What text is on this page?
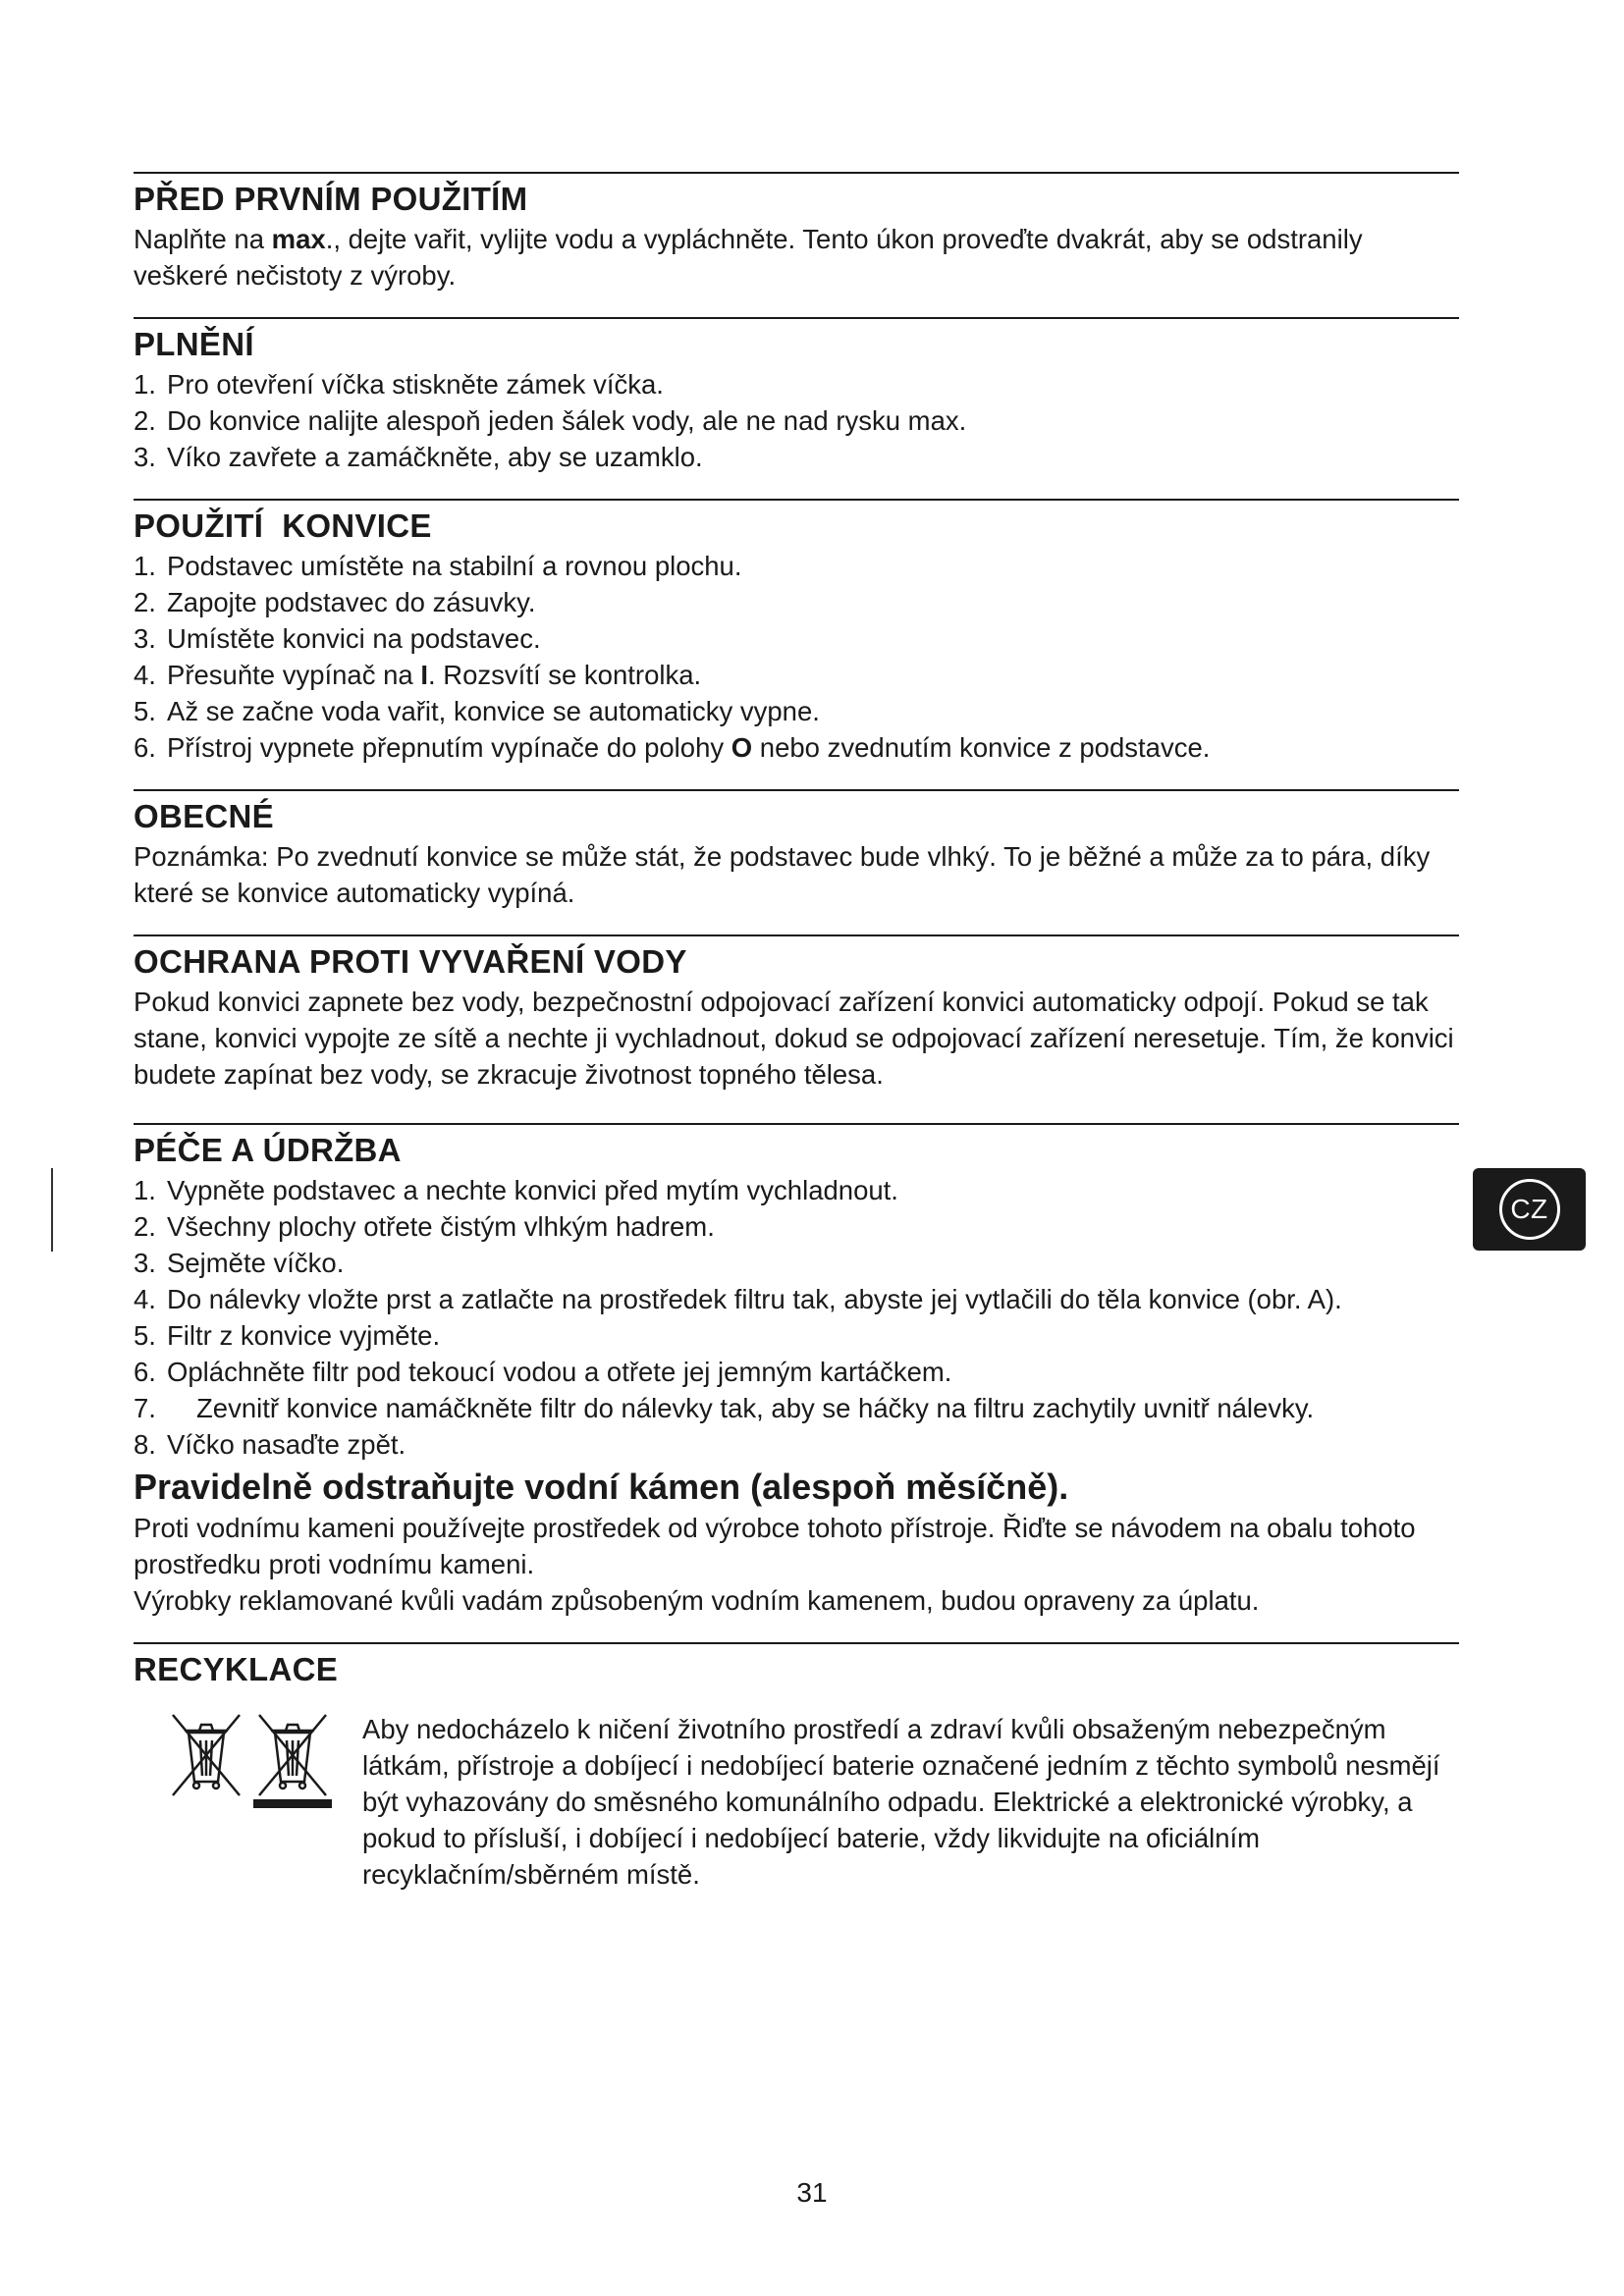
PŘED PRVNÍM POUŽITÍM

Naplňte na max., dejte vařit, vylijte vodu a vypláchněte. Tento úkon proveďte dvakrát, aby se odstranily veškeré nečistoty z výroby.

PLNĚNÍ
1. Pro otevření víčka stiskněte zámek víčka.
2. Do konvice nalijte alespoň jeden šálek vody, ale ne nad rysku max.
3. Víko zavřete a zamáčkněte, aby se uzamklo.
POUŽITÍ  KONVICE
1. Podstavec umístěte na stabilní a rovnou plochu.
2. Zapojte podstavec do zásuvky.
3. Umístěte konvici na podstavec.
4. Přesuňte vypínač na I. Rozsvítí se kontrolka.
5. Až se začne voda vařit, konvice se automaticky vypne.
6. Přístroj vypnete přepnutím vypínače do polohy O nebo zvednutím konvice z podstavce.
OBECNÉ

Poznámka: Po zvednutí konvice se může stát, že podstavec bude vlhký. To je běžné a může za to pára, díky které se konvice automaticky vypíná.

OCHRANA PROTI VYVAŘENÍ VODY

Pokud konvici zapnete bez vody, bezpečnostní odpojovací zařízení konvici automaticky odpojí. Pokud se tak stane, konvici vypojte ze sítě a nechte ji vychladnout, dokud se odpojovací zařízení neresetuje. Tím, že konvici budete zapínat bez vody, se zkracuje životnost topného tělesa.

PÉČE A ÚDRŽBA
1. Vypněte podstavec a nechte konvici před mytím vychladnout.
2. Všechny plochy otřete čistým vlhkým hadrem.
3. Sejměte víčko.
4. Do nálevky vložte prst a zatlačte na prostředek filtru tak, abyste jej vytlačili do těla konvice (obr. A).
5. Filtr z konvice vyjměte.
6. Opláchněte filtr pod tekoucí vodou a otřete jej jemným kartáčkem.
7.	Zevnitř konvice namáčkněte filtr do nálevky tak, aby se háčky na filtru zachytily uvnitř nálevky.
8. Víčko nasaďte zpět.
Pravidelně odstraňujte vodní kámen (alespoň měsíčně).

Proti vodnímu kameni používejte prostředek od výrobce tohoto přístroje. Řiďte se návodem na obalu tohoto prostředku proti vodnímu kameni.

Výrobky reklamované kvůli vadám způsobeným vodním kamenem, budou opraveny za úplatu.

RECYKLACE

Aby nedocházelo k ničení životního prostředí a zdraví kvůli obsaženým nebezpečným látkám, přístroje a dobíjecí i nedobíjecí baterie označené jedním z těchto symbolů nesmějí být vyhazovány do směsného komunálního odpadu. Elektrické a elektronické výrobky, a pokud to přísluší, i dobíjecí i nedobíjecí baterie, vždy likvidujte na oficiálním recyklačním/sběrném místě.

CZ
31
